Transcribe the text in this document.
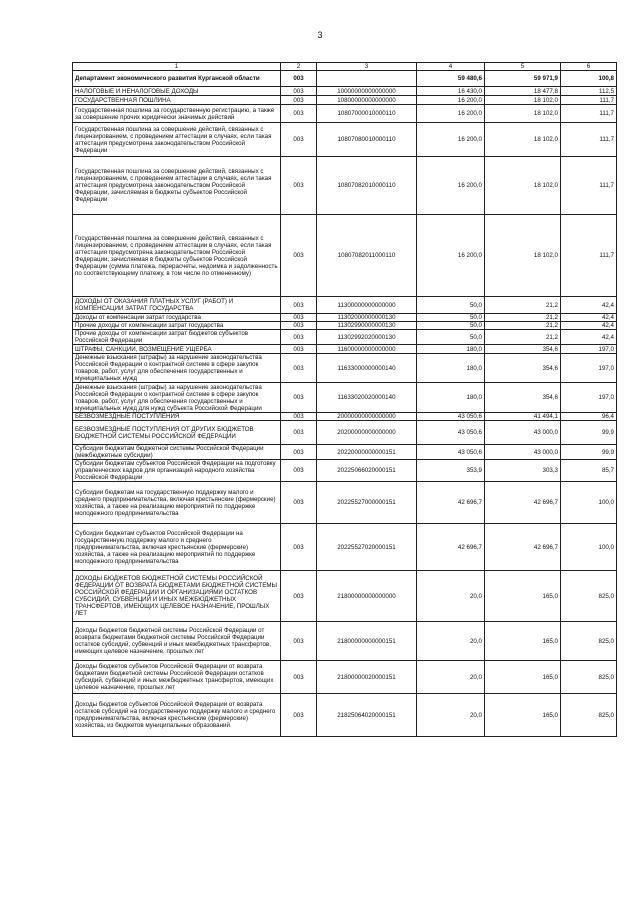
3
1	2	3	4	5	6
Департамент экономического развития Курганской области	003		59 480,6	59 971,9	100,8
НАЛОГОВЫЕ И НЕНАЛОГОВЫЕ ДОХОДЫ	003	10000000000000000	16 430,0	18 477,8	112,5
ГОСУДАРСТВЕННАЯ ПОШЛИНА	003	10800000000000000	16 200,0	18 102,0	111,7
Государственная пошлина за государственную регистрацию, а также за совершение прочих юридически значимых действий	003	10807000010000110	16 200,0	18 102,0	111,7
Государственная пошлина за совершение действий, связанных с лицензированием, с проведением аттестации в случаях, если такая аттестация предусмотрена законодательством Российской Федерации	003	10807080010000110	16 200,0	18 102,0	111,7
Государственная пошлина за совершение действий, связанных с лицензированием, с проведением аттестации в случаях, если такая аттестация предусмотрена законодательством Российской Федерации, зачисляемая в бюджеты субъектов Российской Федерации	003	10807082010000110	16 200,0	18 102,0	111,7
Государственная пошлина за совершение действий, связанных с лицензированием, с проведением аттестации в случаях, если такая аттестация предусмотрена законодательством Российской Федерации, зачисляемая в бюджеты субъектов Российской Федерации (сумма платежа, перерасчеты, недоимка и задолженность по соответствующему платежу, в том числе по отмененному)	003	10807082011000110	16 200,0	18 102,0	111,7
ДОХОДЫ ОТ ОКАЗАНИЯ ПЛАТНЫХ УСЛУГ (РАБОТ) И КОМПЕНСАЦИИ ЗАТРАТ ГОСУДАРСТВА	003	11300000000000000	50,0	21,2	42,4
Доходы от компенсации затрат государства	003	11302000000000130	50,0	21,2	42,4
Прочие доходы от компенсации затрат государства	003	11302990000000130	50,0	21,2	42,4
Прочие доходы от компенсации затрат бюджетов субъектов Российской Федерации	003	11302992020000130	50,0	21,2	42,4
ШТРАФЫ, САНКЦИИ, ВОЗМЕЩЕНИЕ УЩЕРБА	003	11600000000000000	180,0	354,6	197,0
Денежные взыскания (штрафы) за нарушение законодательства Российской Федерации о контрактной системе в сфере закупок товаров, работ, услуг для обеспечения государственных и муниципальных нужд	003	11633000000000140	180,0	354,6	197,0
Денежные взыскания (штрафы) за нарушение законодательства Российской Федерации о контрактной системе в сфере закупок товаров, работ, услуг для обеспечения государственных и муниципальных нужд для нужд субъекта Российской Федерации	003	11633020020000140	180,0	354,6	197,0
БЕЗВОЗМЕЗДНЫЕ ПОСТУПЛЕНИЯ	003	20000000000000000	43 050,6	41 494,1	96,4
БЕЗВОЗМЕЗДНЫЕ ПОСТУПЛЕНИЯ ОТ ДРУГИХ БЮДЖЕТОВ БЮДЖЕТНОЙ СИСТЕМЫ РОССИЙСКОЙ ФЕДЕРАЦИИ	003	20200000000000000	43 050,6	43 000,0	99,9
Субсидии бюджетам бюджетной системы Российской Федерации (межбюджетные субсидии)	003	20220000000000151	43 050,6	43 000,0	99,9
Субсидии бюджетам субъектов Российской Федерации на подготовку управленческих кадров для организаций народного хозяйства Российской Федерации	003	20225066020000151	353,9	303,3	85,7
Субсидии бюджетам на государственную поддержку малого и среднего предпринимательства, включая крестьянские (фермерские) хозяйства, а также на реализацию мероприятий по поддержке молодежного предпринимательства	003	20225527000000151	42 696,7	42 696,7	100,0
Субсидии бюджетам субъектов Российской Федерации на государственную поддержку малого и среднего предпринимательства, включая крестьянские (фермерские) хозяйства, а также на реализацию мероприятий по поддержке молодежного предпринимательства	003	20225527020000151	42 696,7	42 696,7	100,0
ДОХОДЫ БЮДЖЕТОВ БЮДЖЕТНОЙ СИСТЕМЫ РОССИЙСКОЙ ФЕДЕРАЦИИ ОТ ВОЗВРАТА БЮДЖЕТАМИ БЮДЖЕТНОЙ СИСТЕМЫ РОССИЙСКОЙ ФЕДЕРАЦИИ И ОРГАНИЗАЦИЯМИ ОСТАТКОВ СУБСИДИЙ, СУБВЕНЦИЙ И ИНЫХ МЕЖБЮДЖЕТНЫХ ТРАНСФЕРТОВ, ИМЕЮЩИХ ЦЕЛЕВОЕ НАЗНАЧЕНИЕ, ПРОШЛЫХ ЛЕТ	003	21800000000000000	20,0	165,0	825,0
Доходы бюджетов бюджетной системы Российской Федерации от возврата бюджетами бюджетной системы Российской Федерации остатков субсидий, субвенций и иных межбюджетных трансфертов, имеющих целевое назначение, прошлых лет	003	21800000000000151	20,0	165,0	825,0
Доходы бюджетов субъектов Российской Федерации от возврата бюджетами бюджетной системы Российской Федерации остатков субсидий, субвенций и иных межбюджетных трансфертов, имеющих целевое назначение, прошлых лет	003	21800000020000151	20,0	165,0	825,0
Доходы бюджетов субъектов Российской Федерации от возврата остатков субсидий на государственную поддержку малого и среднего предпринимательства, включая крестьянские (фермерские) хозяйства, из бюджетов муниципальных образований	003	21825064020000151	20,0	165,0	825,0
